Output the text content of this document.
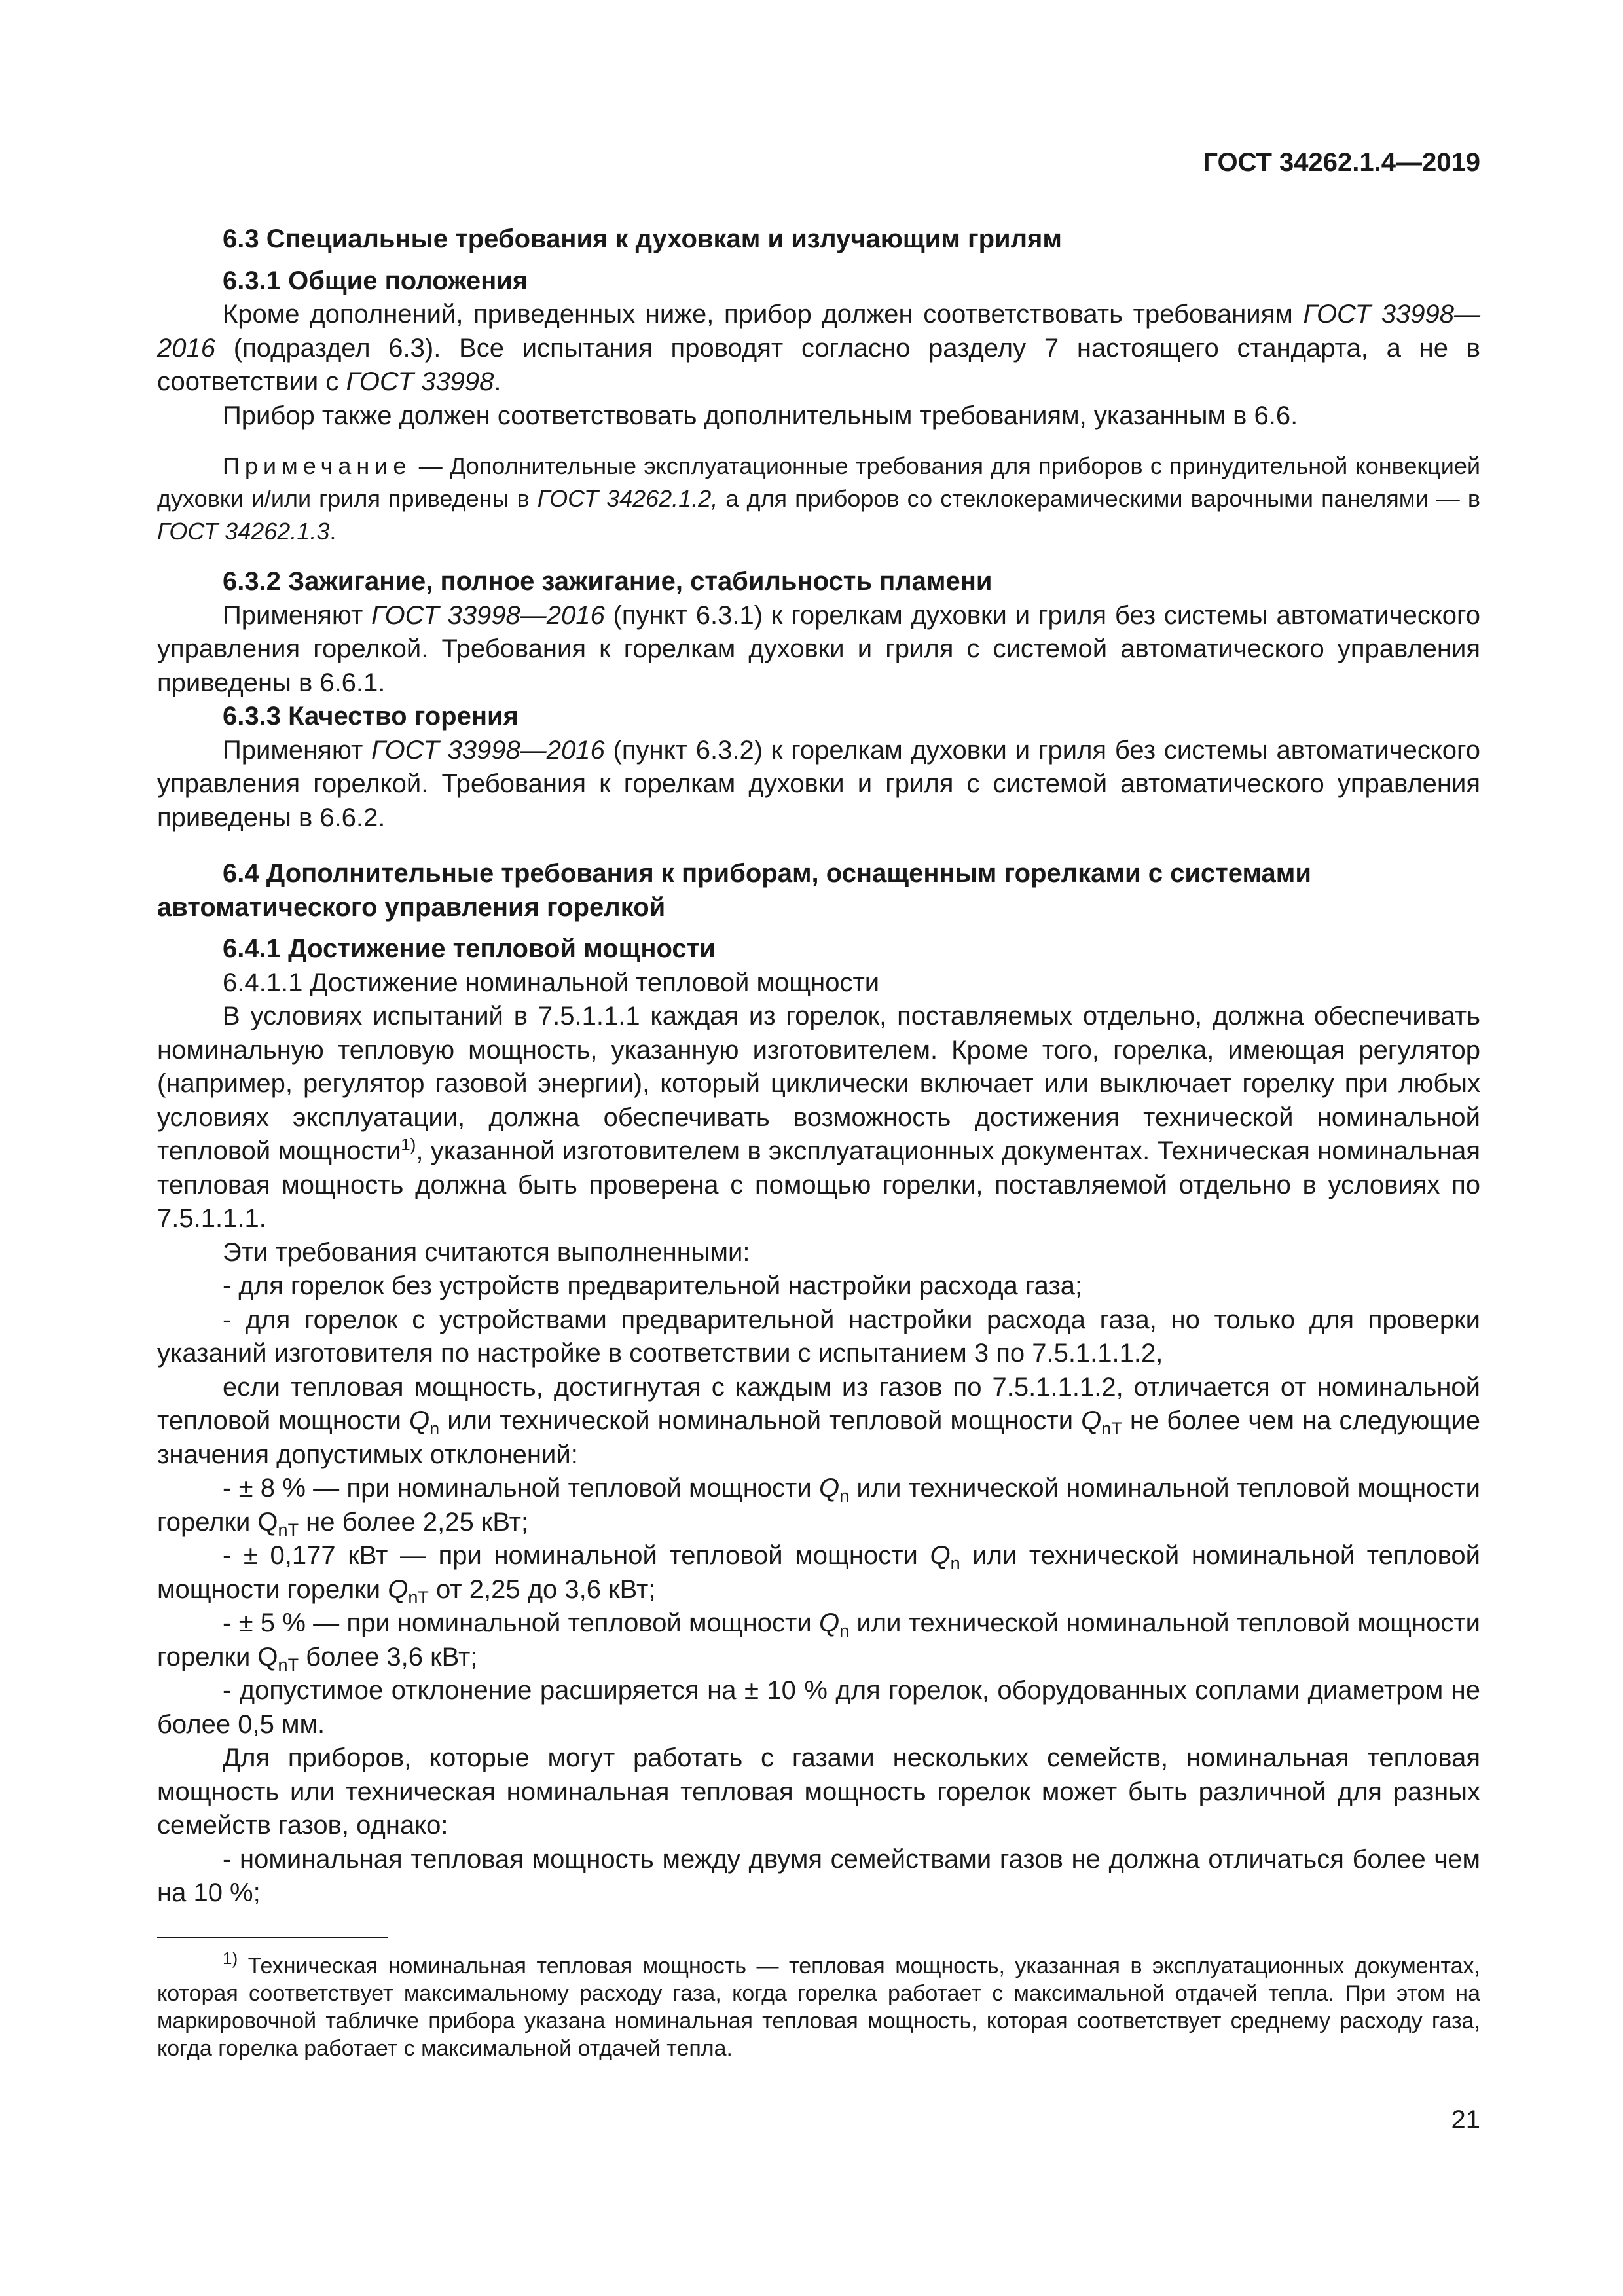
ГОСТ 34262.1.4—2019

6.3 Специальные требования к духовкам и излучающим грилям

6.3.1 Общие положения

Кроме дополнений, приведенных ниже, прибор должен соответствовать требованиям ГОСТ 33998—2016 (подраздел 6.3). Все испытания проводят согласно разделу 7 настоящего стандарта, а не в соответствии с ГОСТ 33998.

Прибор также должен соответствовать дополнительным требованиям, указанным в 6.6.

Примечание — Дополнительные эксплуатационные требования для приборов с принудительной конвекцией духовки и/или гриля приведены в ГОСТ 34262.1.2, а для приборов со стеклокерамическими варочными панелями — в ГОСТ 34262.1.3.

6.3.2 Зажигание, полное зажигание, стабильность пламени

Применяют ГОСТ 33998—2016 (пункт 6.3.1) к горелкам духовки и гриля без системы автоматического управления горелкой. Требования к горелкам духовки и гриля с системой автоматического управления приведены в 6.6.1.

6.3.3 Качество горения

Применяют ГОСТ 33998—2016 (пункт 6.3.2) к горелкам духовки и гриля без системы автоматического управления горелкой. Требования к горелкам духовки и гриля с системой автоматического управления приведены в 6.6.2.

6.4 Дополнительные требования к приборам, оснащенным горелками с системами автоматического управления горелкой

6.4.1 Достижение тепловой мощности

6.4.1.1 Достижение номинальной тепловой мощности

В условиях испытаний в 7.5.1.1.1 каждая из горелок, поставляемых отдельно, должна обеспечивать номинальную тепловую мощность, указанную изготовителем. Кроме того, горелка, имеющая регулятор (например, регулятор газовой энергии), который циклически включает или выключает горелку при любых условиях эксплуатации, должна обеспечивать возможность достижения технической номинальной тепловой мощности$^{1)}$, указанной изготовителем в эксплуатационных документах. Техническая номинальная тепловая мощность должна быть проверена с помощью горелки, поставляемой отдельно в условиях по 7.5.1.1.1.

Эти требования считаются выполненными:

- для горелок без устройств предварительной настройки расхода газа;

- для горелок с устройствами предварительной настройки расхода газа, но только для проверки указаний изготовителя по настройке в соответствии с испытанием 3 по 7.5.1.1.1.2,

если тепловая мощность, достигнутая с каждым из газов по 7.5.1.1.1.2, отличается от номинальной тепловой мощности $Q_n$ или технической номинальной тепловой мощности $Q_{nT}$ не более чем на следующие значения допустимых отклонений:

- ± 8 % — при номинальной тепловой мощности $Q_n$ или технической номинальной тепловой мощности горелки $Q_{nT}$ не более 2,25 кВт;

- ± 0,177 кВт — при номинальной тепловой мощности $Q_n$ или технической номинальной тепловой мощности горелки $Q_{nT}$ от 2,25 до 3,6 кВт;

- ± 5 % — при номинальной тепловой мощности $Q_n$ или технической номинальной тепловой мощности горелки $Q_{nT}$ более 3,6 кВт;

- допустимое отклонение расширяется на ± 10 % для горелок, оборудованных соплами диаметром не более 0,5 мм.

Для приборов, которые могут работать с газами нескольких семейств, номинальная тепловая мощность или техническая номинальная тепловая мощность горелок может быть различной для разных семейств газов, однако:

- номинальная тепловая мощность между двумя семействами газов не должна отличаться более чем на 10 %;

$^{1)}$ Техническая номинальная тепловая мощность — тепловая мощность, указанная в эксплуатационных документах, которая соответствует максимальному расходу газа, когда горелка работает с максимальной отдачей тепла. При этом на маркировочной табличке прибора указана номинальная тепловая мощность, которая соответствует среднему расходу газа, когда горелка работает с максимальной отдачей тепла.

21
